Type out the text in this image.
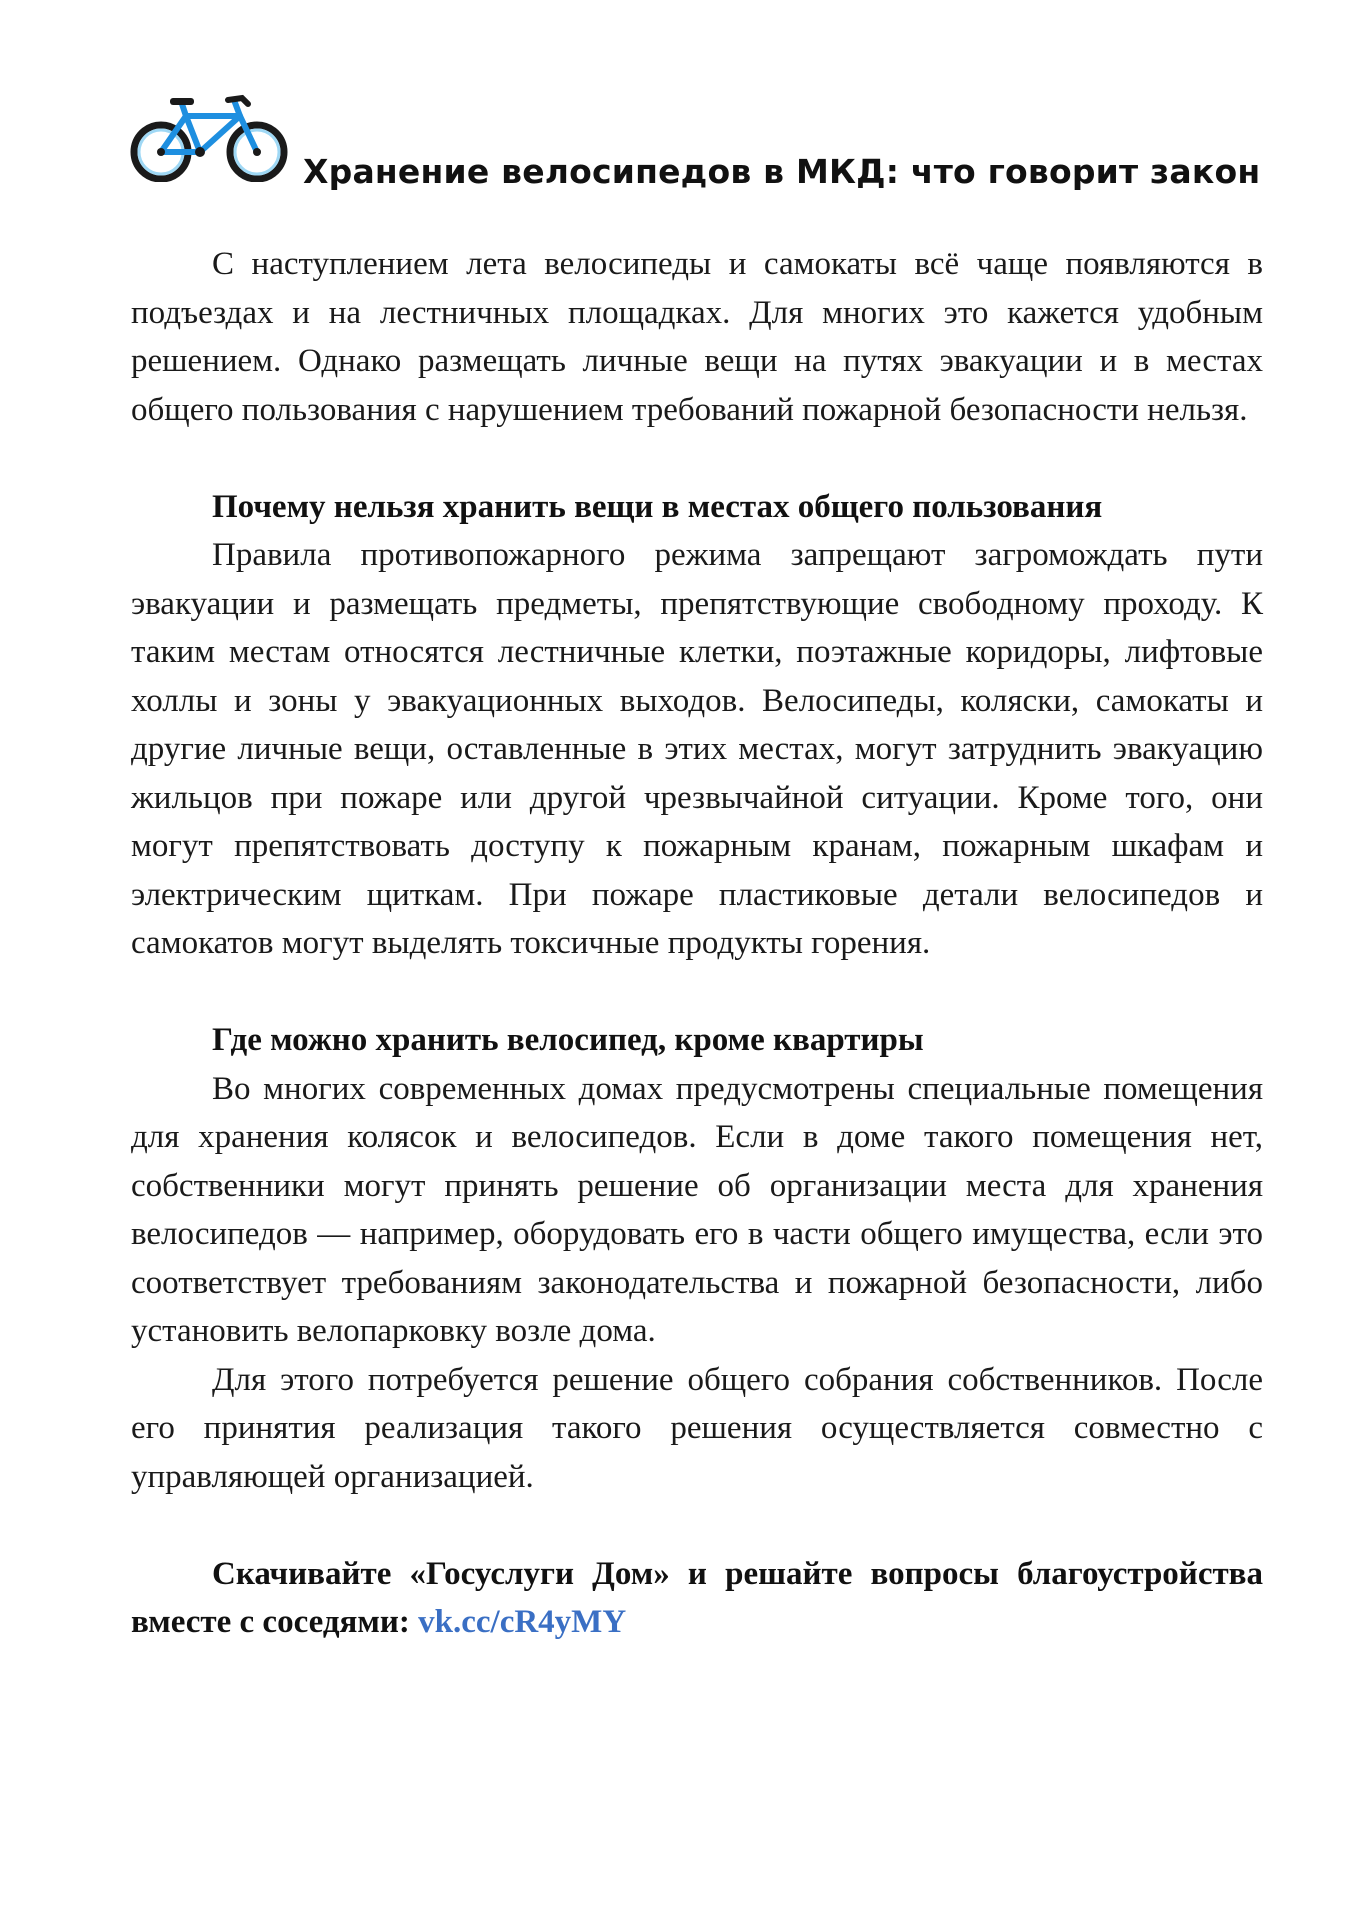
Хранение велосипедов в МКД: что говорит закон

С наступлением лета велосипеды и самокаты всё чаще появляются в подъездах и на лестничных площадках. Для многих это кажется удобным решением. Однако размещать личные вещи на путях эвакуации и в местах общего пользования с нарушением требований пожарной безопасности нельзя.

Почему нельзя хранить вещи в местах общего пользования

Правила противопожарного режима запрещают загромождать пути эвакуации и размещать предметы, препятствующие свободному проходу. К таким местам относятся лестничные клетки, поэтажные коридоры, лифтовые холлы и зоны у эвакуационных выходов. Велосипеды, коляски, самокаты и другие личные вещи, оставленные в этих местах, могут затруднить эвакуацию жильцов при пожаре или другой чрезвычайной ситуации. Кроме того, они могут препятствовать доступу к пожарным кранам, пожарным шкафам и электрическим щиткам. При пожаре пластиковые детали велосипедов и самокатов могут выделять токсичные продукты горения.

Где можно хранить велосипед, кроме квартиры

Во многих современных домах предусмотрены специальные помещения для хранения колясок и велосипедов. Если в доме такого помещения нет, собственники могут принять решение об организации места для хранения велосипедов — например, оборудовать его в части общего имущества, если это соответствует требованиям законодательства и пожарной безопасности, либо установить велопарковку возле дома.

Для этого потребуется решение общего собрания собственников. После его принятия реализация такого решения осуществляется совместно с управляющей организацией.

Скачивайте «Госуслуги Дом» и решайте вопросы благоустройства вместе с соседями: vk.cc/cR4yMY
